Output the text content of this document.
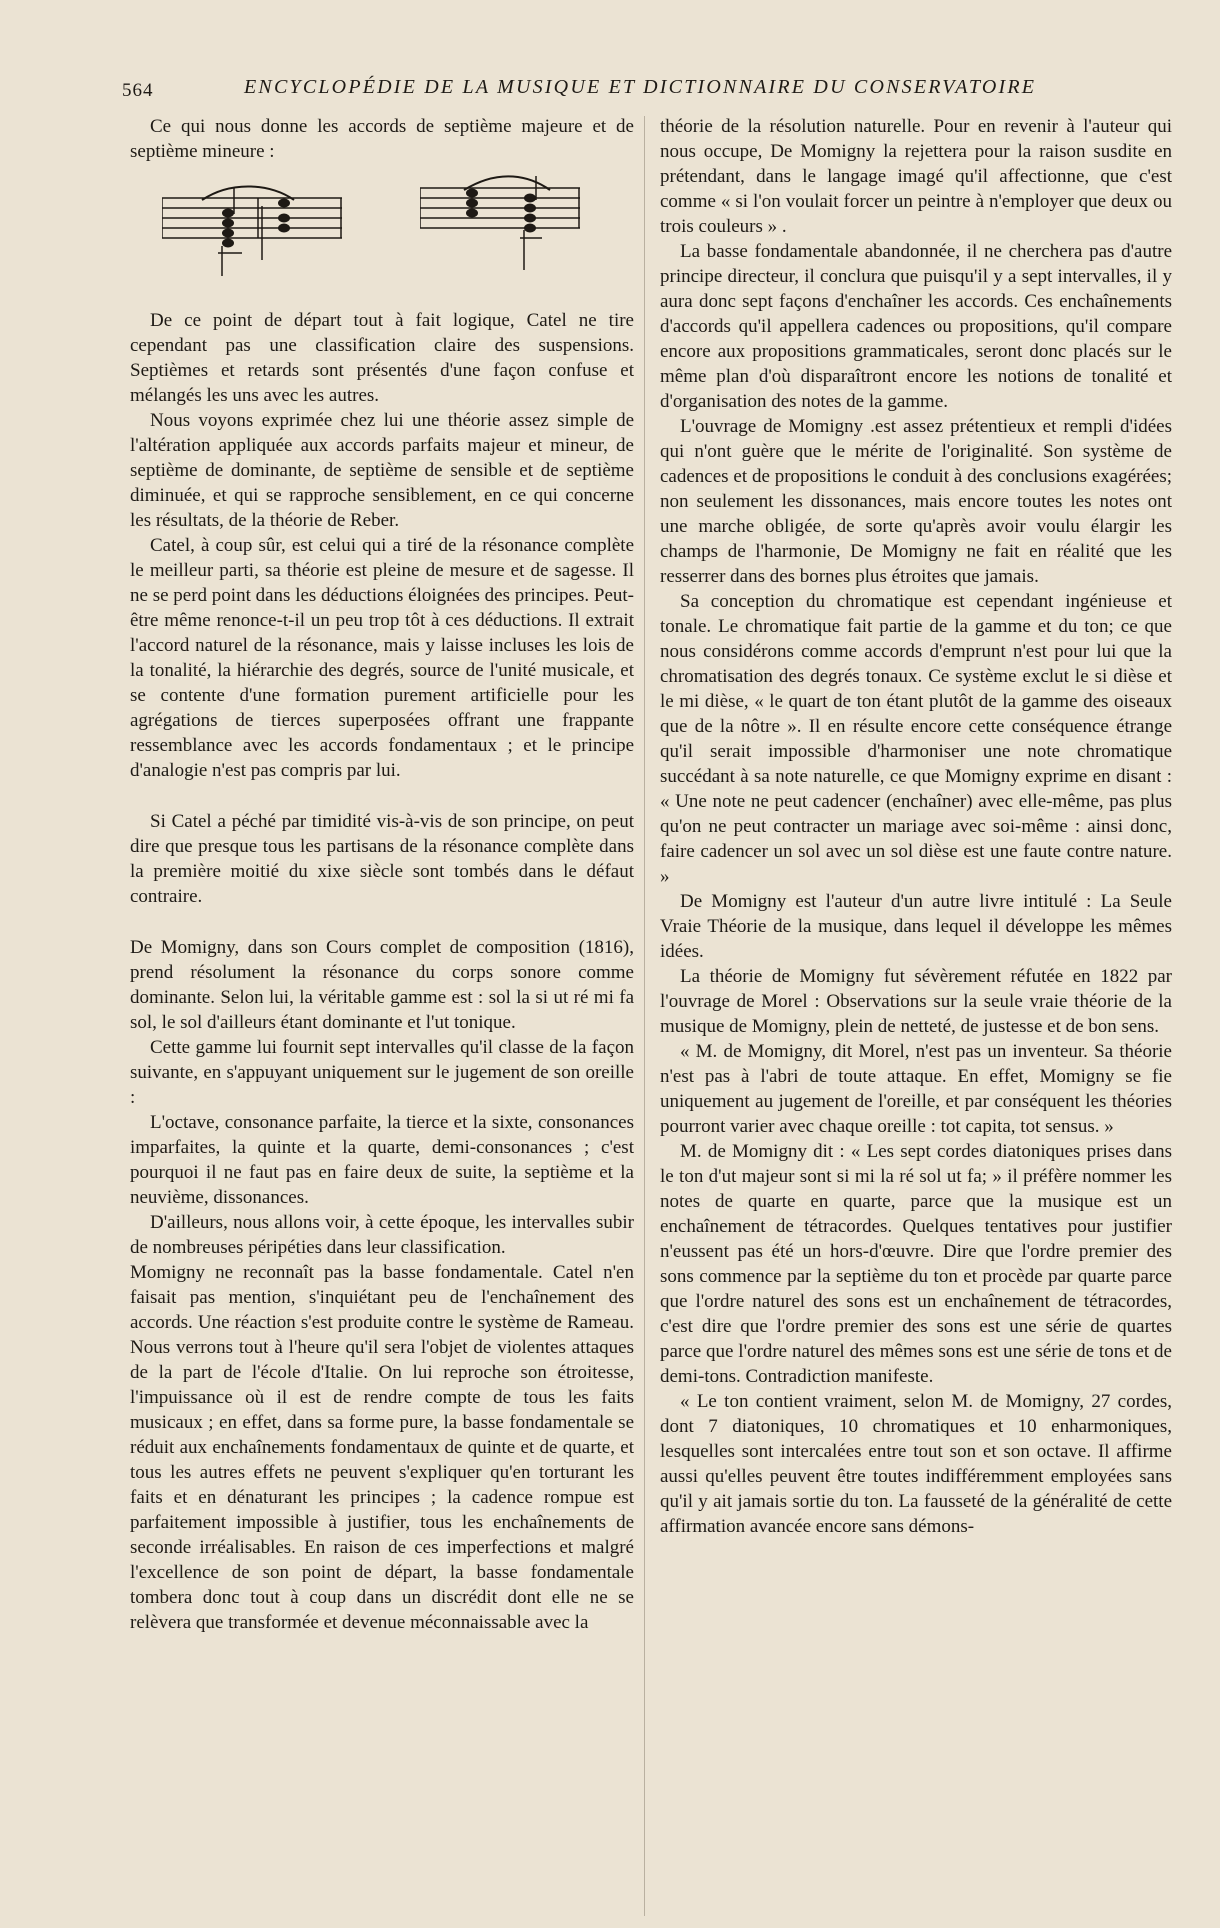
564	ENCYCLOPÉDIE DE LA MUSIQUE ET DICTIONNAIRE DU CONSERVATOIRE

Ce qui nous donne les accords de septième majeure et de septième mineure :

De ce point de départ tout à fait logique, Catel ne tire cependant pas une classification claire des suspensions. Septièmes et retards sont présentés d'une façon confuse et mélangés les uns avec les autres.

Nous voyons exprimée chez lui une théorie assez simple de l'altération appliquée aux accords parfaits majeur et mineur, de septième de dominante, de septième de sensible et de septième diminuée, et qui se rapproche sensiblement, en ce qui concerne les résultats, de la théorie de Reber.

Catel, à coup sûr, est celui qui a tiré de la résonance complète le meilleur parti, sa théorie est pleine de mesure et de sagesse. Il ne se perd point dans les déductions éloignées des principes. Peut-être même renonce-t-il un peu trop tôt à ces déductions. Il extrait l'accord naturel de la résonance, mais y laisse incluses les lois de la tonalité, la hiérarchie des degrés, source de l'unité musicale, et se contente d'une formation purement artificielle pour les agrégations de tierces superposées offrant une frappante ressemblance avec les accords fondamentaux ; et le principe d'analogie n'est pas compris par lui.

Si Catel a péché par timidité vis-à-vis de son principe, on peut dire que presque tous les partisans de la résonance complète dans la première moitié du xixe siècle sont tombés dans le défaut contraire.

De Momigny, dans son Cours complet de composition (1816), prend résolument la résonance du corps sonore comme dominante. Selon lui, la véritable gamme est : sol la si ut ré mi fa sol, le sol d'ailleurs étant dominante et l'ut tonique.

Cette gamme lui fournit sept intervalles qu'il classe de la façon suivante, en s'appuyant uniquement sur le jugement de son oreille :

L'octave, consonance parfaite, la tierce et la sixte, consonances imparfaites, la quinte et la quarte, demi-consonances ; c'est pourquoi il ne faut pas en faire deux de suite, la septième et la neuvième, dissonances.

D'ailleurs, nous allons voir, à cette époque, les intervalles subir de nombreuses péripéties dans leur classification.

Momigny ne reconnaît pas la basse fondamentale. Catel n'en faisait pas mention, s'inquiétant peu de l'enchaînement des accords. Une réaction s'est produite contre le système de Rameau. Nous verrons tout à l'heure qu'il sera l'objet de violentes attaques de la part de l'école d'Italie. On lui reproche son étroitesse, l'impuissance où il est de rendre compte de tous les faits musicaux ; en effet, dans sa forme pure, la basse fondamentale se réduit aux enchaînements fondamentaux de quinte et de quarte, et tous les autres effets ne peuvent s'expliquer qu'en torturant les faits et en dénaturant les principes ; la cadence rompue est parfaitement impossible à justifier, tous les enchaînements de seconde irréalisables. En raison de ces imperfections et malgré l'excellence de son point de départ, la basse fondamentale tombera donc tout à coup dans un discrédit dont elle ne se relèvera que transformée et devenue méconnaissable avec la

théorie de la résolution naturelle. Pour en revenir à l'auteur qui nous occupe, De Momigny la rejettera pour la raison susdite en prétendant, dans le langage imagé qu'il affectionne, que c'est comme « si l'on voulait forcer un peintre à n'employer que deux ou trois couleurs » .

La basse fondamentale abandonnée, il ne cherchera pas d'autre principe directeur, il conclura que puisqu'il y a sept intervalles, il y aura donc sept façons d'enchaîner les accords. Ces enchaînements d'accords qu'il appellera cadences ou propositions, qu'il compare encore aux propositions grammaticales, seront donc placés sur le même plan d'où disparaîtront encore les notions de tonalité et d'organisation des notes de la gamme.

L'ouvrage de Momigny .est assez prétentieux et rempli d'idées qui n'ont guère que le mérite de l'originalité. Son système de cadences et de propositions le conduit à des conclusions exagérées; non seulement les dissonances, mais encore toutes les notes ont une marche obligée, de sorte qu'après avoir voulu élargir les champs de l'harmonie, De Momigny ne fait en réalité que les resserrer dans des bornes plus étroites que jamais.

Sa conception du chromatique est cependant ingénieuse et tonale. Le chromatique fait partie de la gamme et du ton; ce que nous considérons comme accords d'emprunt n'est pour lui que la chromatisation des degrés tonaux. Ce système exclut le si dièse et le mi dièse, « le quart de ton étant plutôt de la gamme des oiseaux que de la nôtre ». Il en résulte encore cette conséquence étrange qu'il serait impossible d'harmoniser une note chromatique succédant à sa note naturelle, ce que Momigny exprime en disant : « Une note ne peut cadencer (enchaîner) avec elle-même, pas plus qu'on ne peut contracter un mariage avec soi-même : ainsi donc, faire cadencer un sol avec un sol dièse est une faute contre nature. »

De Momigny est l'auteur d'un autre livre intitulé : La Seule Vraie Théorie de la musique, dans lequel il développe les mêmes idées.

La théorie de Momigny fut sévèrement réfutée en 1822 par l'ouvrage de Morel : Observations sur la seule vraie théorie de la musique de Momigny, plein de netteté, de justesse et de bon sens.

« M. de Momigny, dit Morel, n'est pas un inventeur. Sa théorie n'est pas à l'abri de toute attaque. En effet, Momigny se fie uniquement au jugement de l'oreille, et par conséquent les théories pourront varier avec chaque oreille : tot capita, tot sensus. »

M. de Momigny dit : « Les sept cordes diatoniques prises dans le ton d'ut majeur sont si mi la ré sol ut fa; » il préfère nommer les notes de quarte en quarte, parce que la musique est un enchaînement de tétracordes. Quelques tentatives pour justifier n'eussent pas été un hors-d'œuvre. Dire que l'ordre premier des sons commence par la septième du ton et procède par quarte parce que l'ordre naturel des sons est un enchaînement de tétracordes, c'est dire que l'ordre premier des sons est une série de quartes parce que l'ordre naturel des mêmes sons est une série de tons et de demi-tons. Contradiction manifeste.

« Le ton contient vraiment, selon M. de Momigny, 27 cordes, dont 7 diatoniques, 10 chromatiques et 10 enharmoniques, lesquelles sont intercalées entre tout son et son octave. Il affirme aussi qu'elles peuvent être toutes indifféremment employées sans qu'il y ait jamais sortie du ton. La fausseté de la généralité de cette affirmation avancée encore sans démons-
